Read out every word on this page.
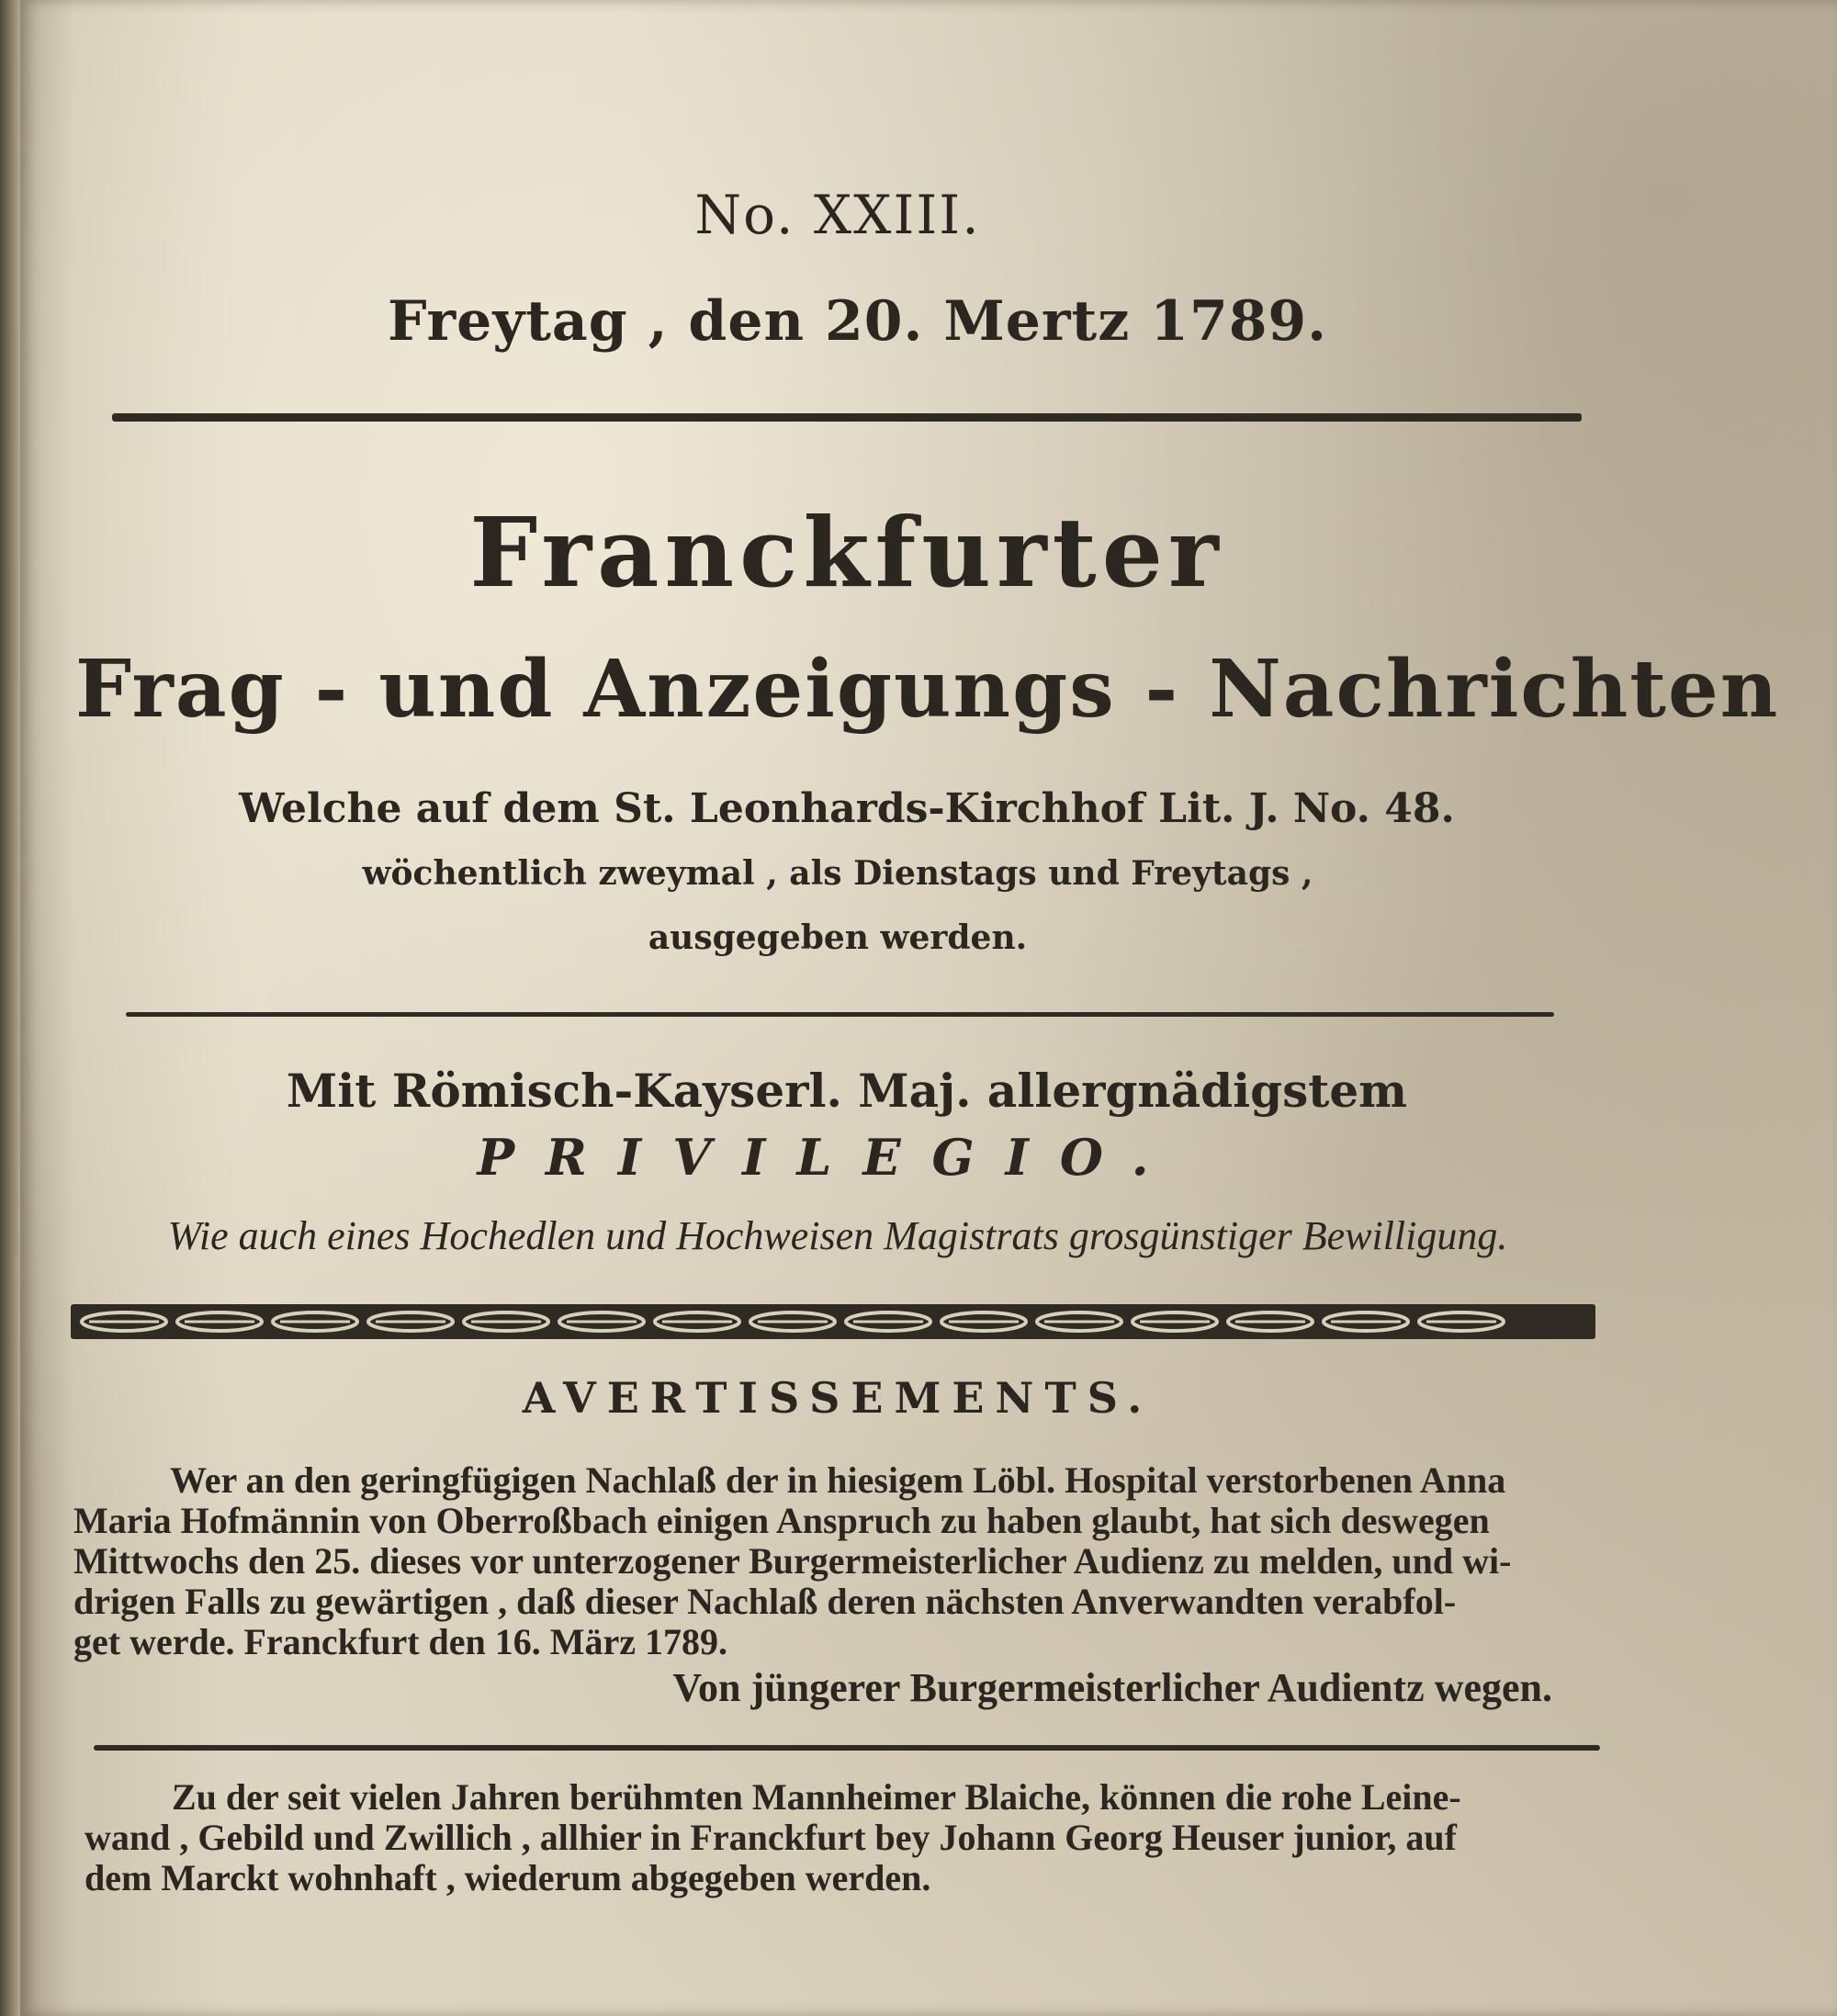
No. XXIII.
Freytag , den 20. Mertz 1789.
Franckfurter
Frag - und Anzeigungs - Nachrichten
Welche auf dem St. Leonhards-Kirchhof Lit. J. No. 48.
wöchentlich zweymal , als Dienstags und Freytags ,
ausgegeben werden.
Mit Römisch-Kayserl. Maj. allergnädigstem
PRIVILEGIO.
Wie auch eines Hochedlen und Hochweisen Magistrats grosgünstiger Bewilligung.
AVERTISSEMENTS.

Wer an den geringfügigen Nachlaß der in hiesigem Löbl. Hospital verstorbenen Anna

Maria Hofmännin von Oberroßbach einigen Anspruch zu haben glaubt, hat sich deswegen

Mittwochs den 25. dieses vor unterzogener Burgermeisterlicher Audienz zu melden, und wi-

drigen Falls zu gewärtigen , daß dieser Nachlaß deren nächsten Anverwandten verabfol-

get werde. Franckfurt den 16. März 1789.

Von jüngerer Burgermeisterlicher Audientz wegen.

Zu der seit vielen Jahren berühmten Mannheimer Blaiche, können die rohe Leine-

wand , Gebild und Zwillich , allhier in Franckfurt bey Johann Georg Heuser junior, auf

dem Marckt wohnhaft , wiederum abgegeben werden.
